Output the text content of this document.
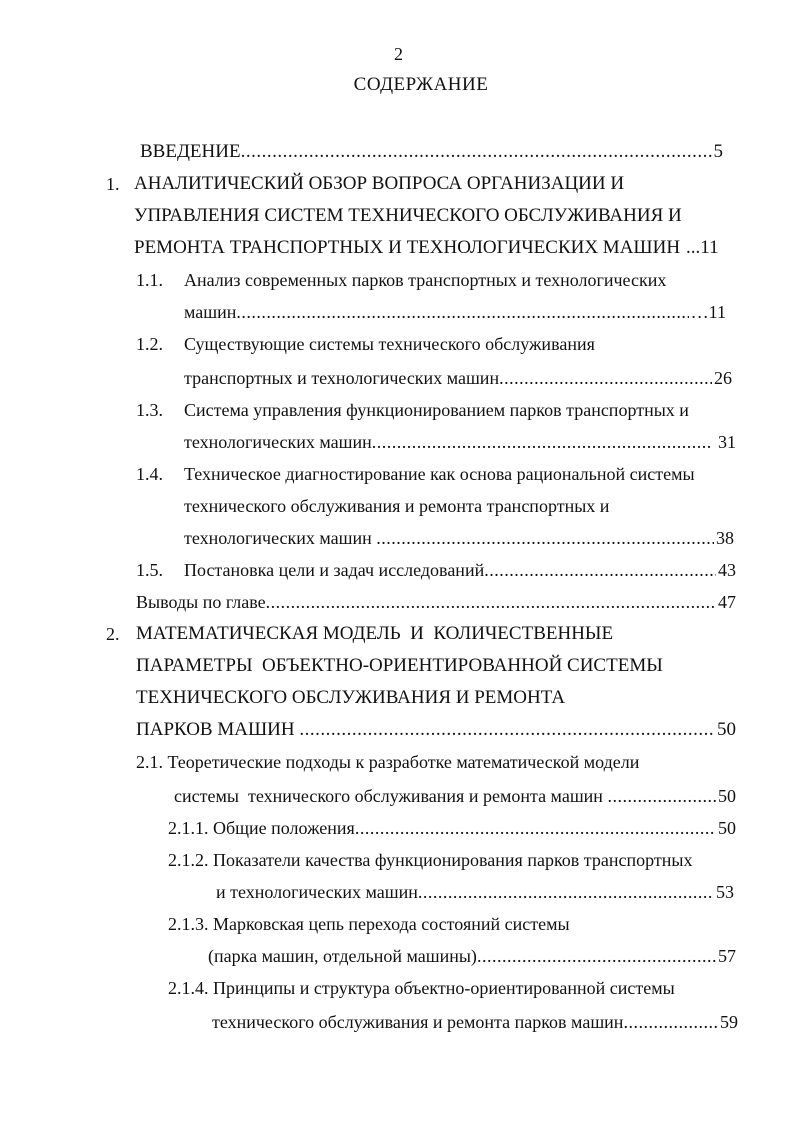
2
СОДЕРЖАНИЕ
ВВЕДЕНИЕ .....	5
1. АНАЛИТИЧЕСКИЙ ОБЗОР ВОПРОСА ОРГАНИЗАЦИИ И
УПРАВЛЕНИЯ СИСТЕМ ТЕХНИЧЕСКОГО ОБСЛУЖИВАНИЯ И
РЕМОНТА ТРАНСПОРТНЫХ И ТЕХНОЛОГИЧЕСКИХ МАШИН ...11
1.1. Анализ современных парков транспортных и технологических
машин .....	…11
1.2. Существующие системы технического обслуживания
транспортных и технологических машин .....	26
1.3. Система управления функционированием парков транспортных и
технологических машин .....	31
1.4. Техническое диагностирование как основа рациональной системы
технического обслуживания и ремонта транспортных и
технологических машин .....	38
1.5. Постановка цели и задач исследований .....	43
Выводы по главе .....	47
2. МАТЕМАТИЧЕСКАЯ МОДЕЛЬ  И  КОЛИЧЕСТВЕННЫЕ
ПАРАМЕТРЫ  ОБЪЕКТНО-ОРИЕНТИРОВАННОЙ СИСТЕМЫ
ТЕХНИЧЕСКОГО ОБСЛУЖИВАНИЯ И РЕМОНТА
ПАРКОВ МАШИН .....	50
2.1. Теоретические подходы к разработке математической модели
системы  технического обслуживания и ремонта машин .....	50
2.1.1. Общие положения .....	50
2.1.2. Показатели качества функционирования парков транспортных
и технологических машин .....	53
2.1.3. Марковская цепь перехода состояний системы
(парка машин, отдельной машины) .....	57
2.1.4. Принципы и структура объектно-ориентированной системы
технического обслуживания и ремонта парков машин .....	59
